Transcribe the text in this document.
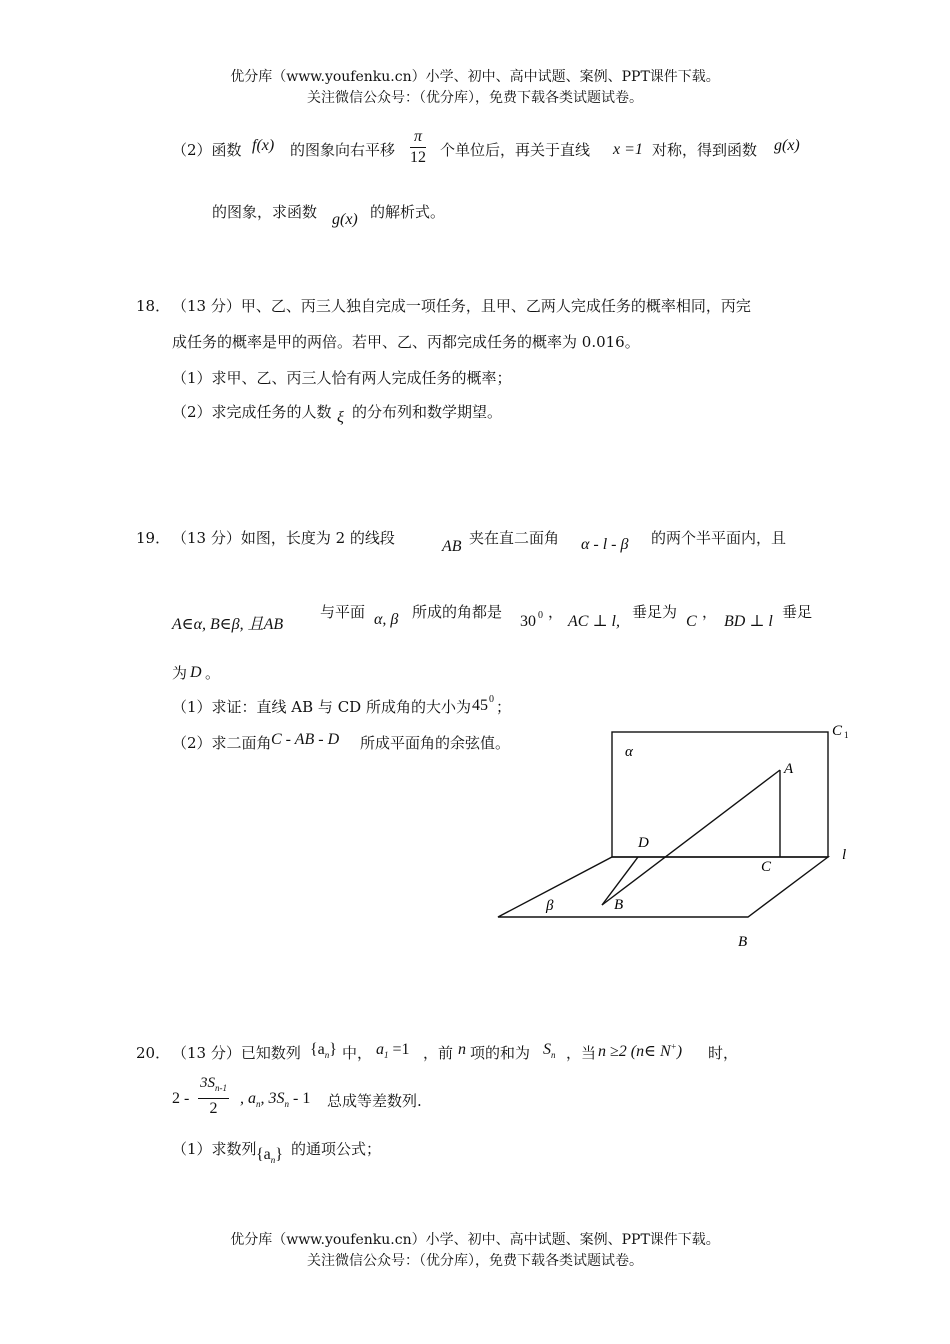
优分库（www.youfenku.cn）小学、初中、高中试题、案例、PPT课件下载。
关注微信公众号：（优分库），免费下载各类试题试卷。
（2）函数 f(x) 的图象向右平移 $\frac{\pi}{12}$ 个单位后，再关于直线 x =1 对称，得到函数 g(x)
的图象，求函数 g(x) 的解析式。
18． （13 分）甲、乙、丙三人独自完成一项任务，且甲、乙两人完成任务的概率相同，丙完
成任务的概率是甲的两倍。若甲、乙、丙都完成任务的概率为 0.016。
（1）求甲、乙、丙三人恰有两人完成任务的概率；
（2）求完成任务的人数 ξ 的分布列和数学期望。
19． （13 分）如图，长度为 2 的线段	AB 夹在直二面角 α - l - β 的两个半平面内，且
A∈α, B∈β, 且AB
与平面 α, β 所成的角都是
30 0 ，
AC ⊥ l,
垂足为
C
，
BD ⊥ l
垂足
为 D 。
（1）求证：直线 AB 与 CD 所成角的大小为 45 0 ；
（2）求二面角 C - AB - D 所成平面角的余弦值。	α
C 1
A
D
C
l
β	B
B
20． （13 分）已知数列 $\{a_n\}$ 中， $a_1 =1$ ，前 n 项的和为 $S_n$ ，当 n ≥2 (n∈ N+) 时，
$2 - \frac{3S_{n-1}}{2}$ , $a_n$, $3S_n - 1$ 总成等差数列.
（1）求数列 $\{a_n\}$ 的通项公式；
优分库（www.youfenku.cn）小学、初中、高中试题、案例、PPT课件下载。
关注微信公众号：（优分库），免费下载各类试题试卷。
